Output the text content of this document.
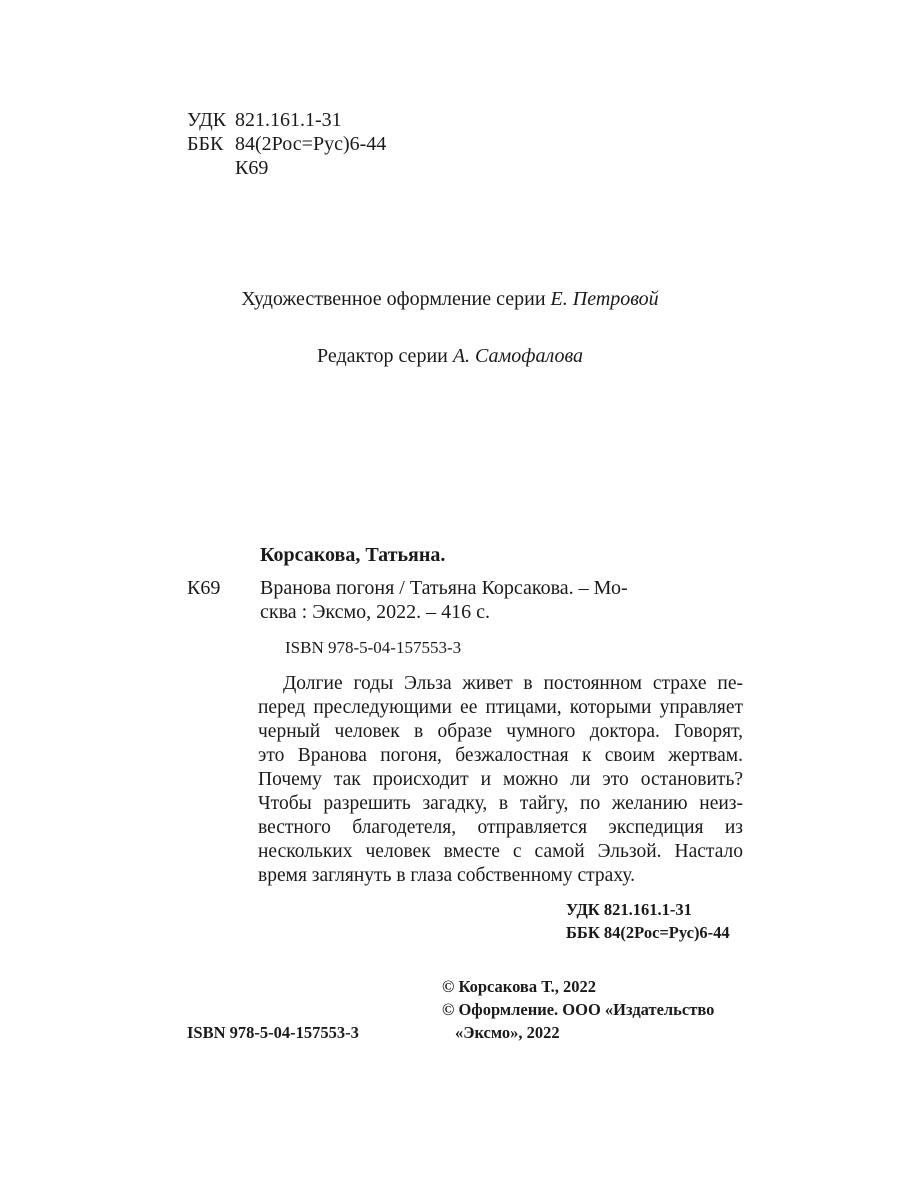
УДК 821.161.1-31
ББК 84(2Рос=Рус)6-44
К69
Художественное оформление серии Е. Петровой
Редактор серии А. Самофалова
Корсакова, Татьяна.
К69 Вранова погоня / Татьяна Корсакова. – Мо-
сква : Эксмо, 2022. – 416 с.
ISBN 978-5-04-157553-3
Долгие годы Эльза живет в постоянном страхе пе-
перед преследующими ее птицами, которыми управляет
черный человек в образе чумного доктора. Говорят,
это Вранова погоня, безжалостная к своим жертвам.
Почему так происходит и можно ли это остановить?
Чтобы разрешить загадку, в тайгу, по желанию неиз-
вестного благодетеля, отправляется экспедиция из
нескольких человек вместе с самой Эльзой. Настало
время заглянуть в глаза собственному страху.
УДК 821.161.1-31
ББК 84(2Рос=Рус)6-44
ISBN 978-5-04-157553-3
© Корсакова Т., 2022
© Оформление. ООО «Издательство
«Эксмо», 2022
